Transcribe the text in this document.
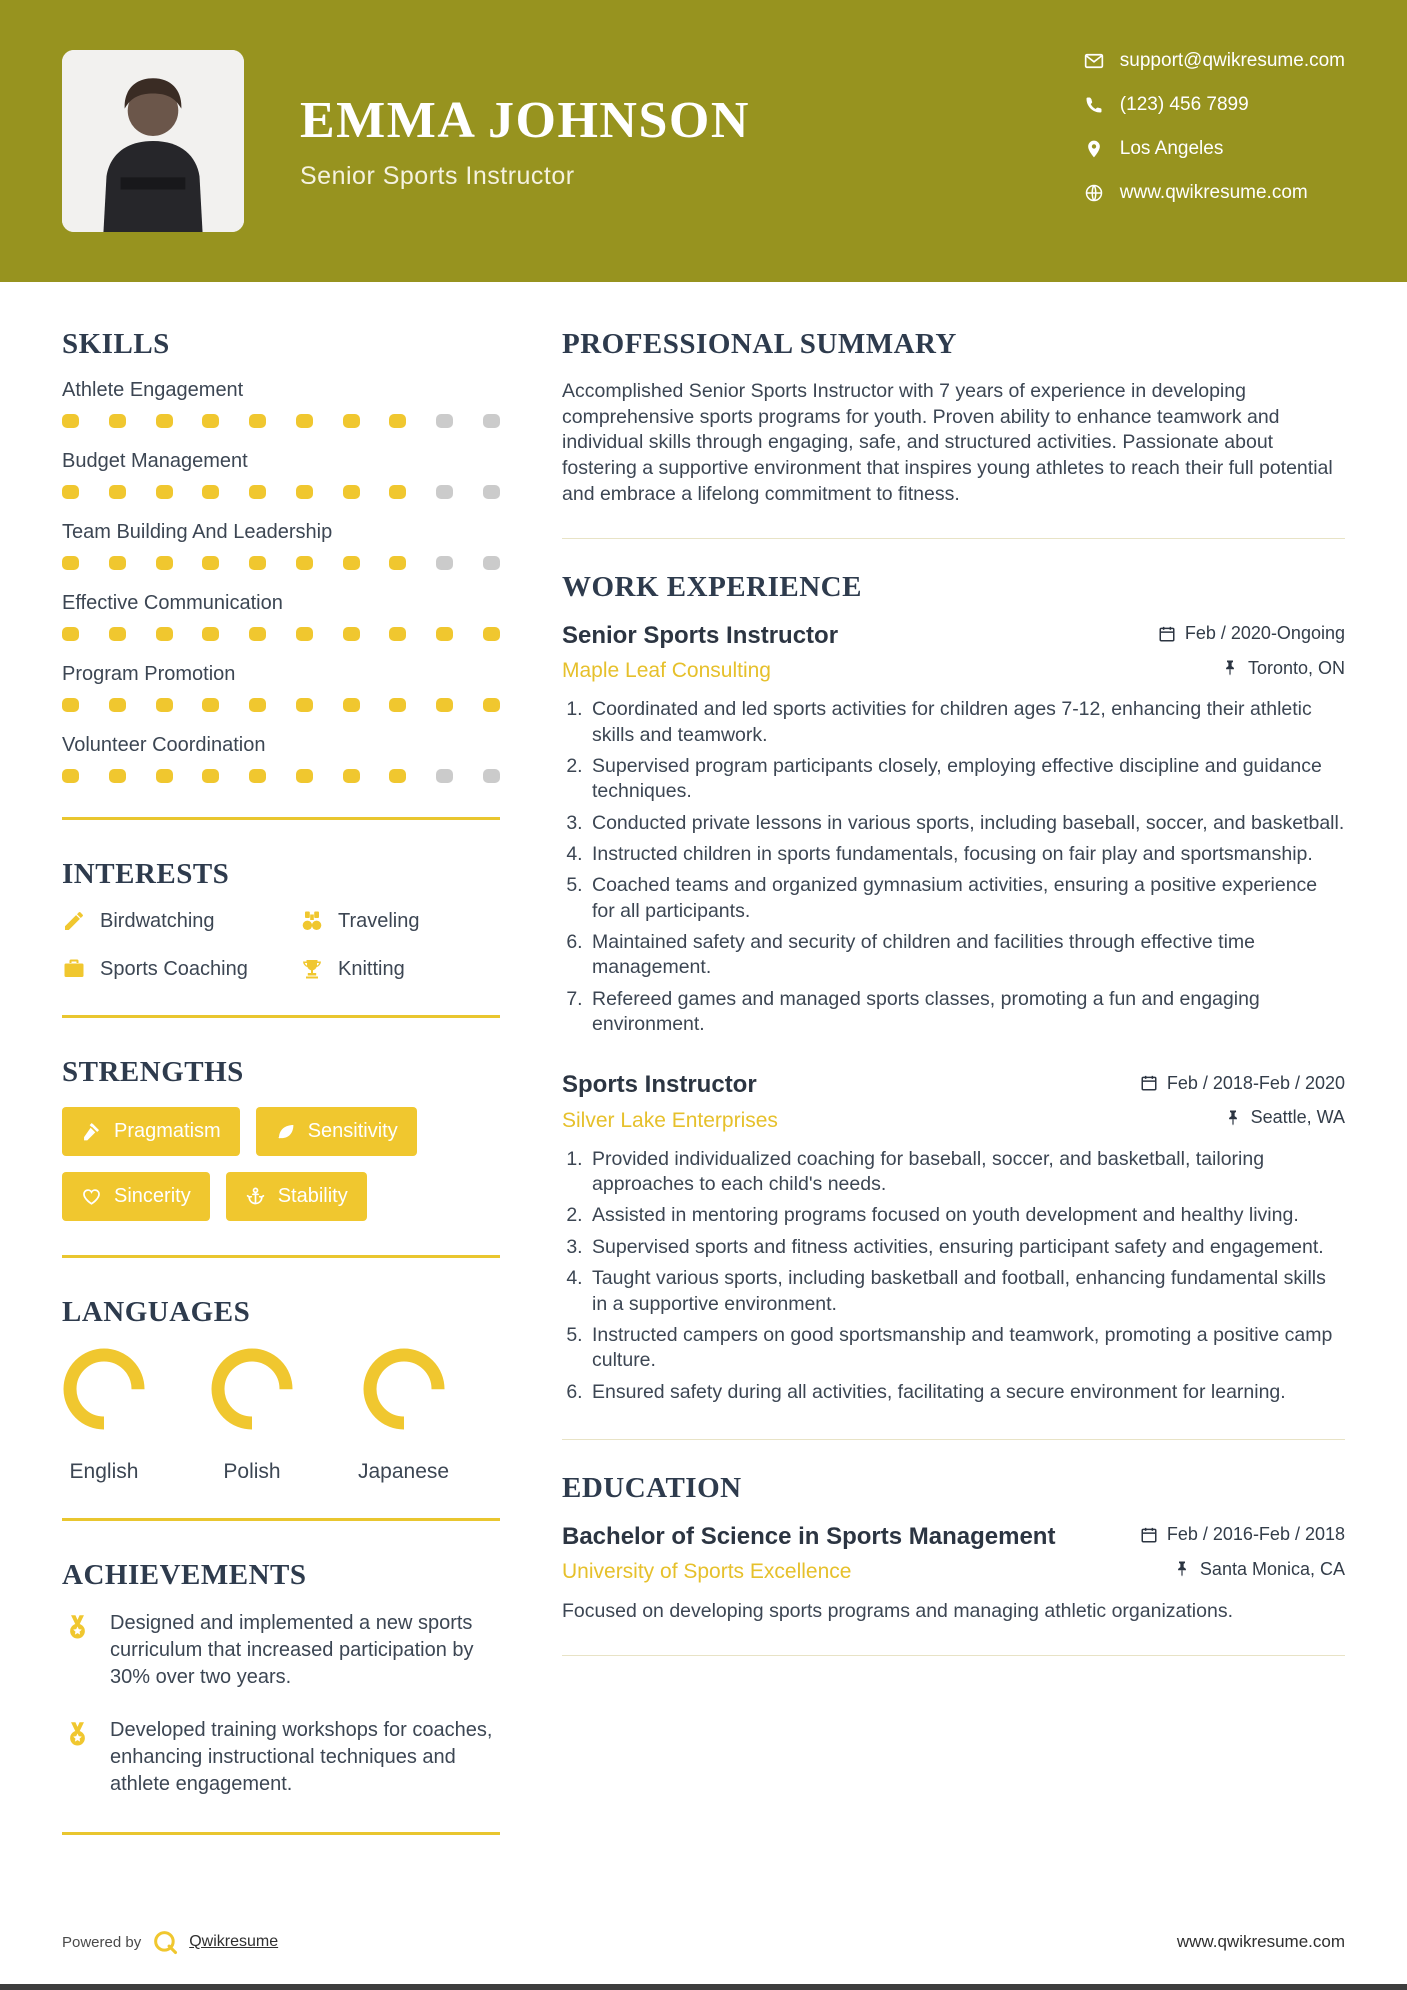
EMMA JOHNSON
Senior Sports Instructor
support@qwikresume.com
(123) 456 7899
Los Angeles
www.qwikresume.com
SKILLS
Athlete Engagement
Budget Management
Team Building And Leadership
Effective Communication
Program Promotion
Volunteer Coordination
INTERESTS
Birdwatching	Traveling
Sports Coaching	Knitting
STRENGTHS
Pragmatism	Sensitivity
Sincerity	Stability
LANGUAGES
English	Polish	Japanese
ACHIEVEMENTS
Designed and implemented a new sports curriculum that increased participation by 30% over two years.
Developed training workshops for coaches, enhancing instructional techniques and athlete engagement.
PROFESSIONAL SUMMARY

Accomplished Senior Sports Instructor with 7 years of experience in developing comprehensive sports programs for youth. Proven ability to enhance teamwork and individual skills through engaging, safe, and structured activities. Passionate about fostering a supportive environment that inspires young athletes to reach their full potential and embrace a lifelong commitment to fitness.

WORK EXPERIENCE
Senior Sports Instructor	Feb / 2020-Ongoing
Maple Leaf Consulting	Toronto, ON
1. Coordinated and led sports activities for children ages 7-12, enhancing their athletic skills and teamwork.
2. Supervised program participants closely, employing effective discipline and guidance techniques.
3. Conducted private lessons in various sports, including baseball, soccer, and basketball.
4. Instructed children in sports fundamentals, focusing on fair play and sportsmanship.
5. Coached teams and organized gymnasium activities, ensuring a positive experience for all participants.
6. Maintained safety and security of children and facilities through effective time management.
7. Refereed games and managed sports classes, promoting a fun and engaging environment.
Sports Instructor	Feb / 2018-Feb / 2020
Silver Lake Enterprises	Seattle, WA
1. Provided individualized coaching for baseball, soccer, and basketball, tailoring approaches to each child's needs.
2. Assisted in mentoring programs focused on youth development and healthy living.
3. Supervised sports and fitness activities, ensuring participant safety and engagement.
4. Taught various sports, including basketball and football, enhancing fundamental skills in a supportive environment.
5. Instructed campers on good sportsmanship and teamwork, promoting a positive camp culture.
6. Ensured safety during all activities, facilitating a secure environment for learning.
EDUCATION
Bachelor of Science in Sports Management	Feb / 2016-Feb / 2018
University of Sports Excellence	Santa Monica, CA

Focused on developing sports programs and managing athletic organizations.

Powered by	Qwikresume	www.qwikresume.com
